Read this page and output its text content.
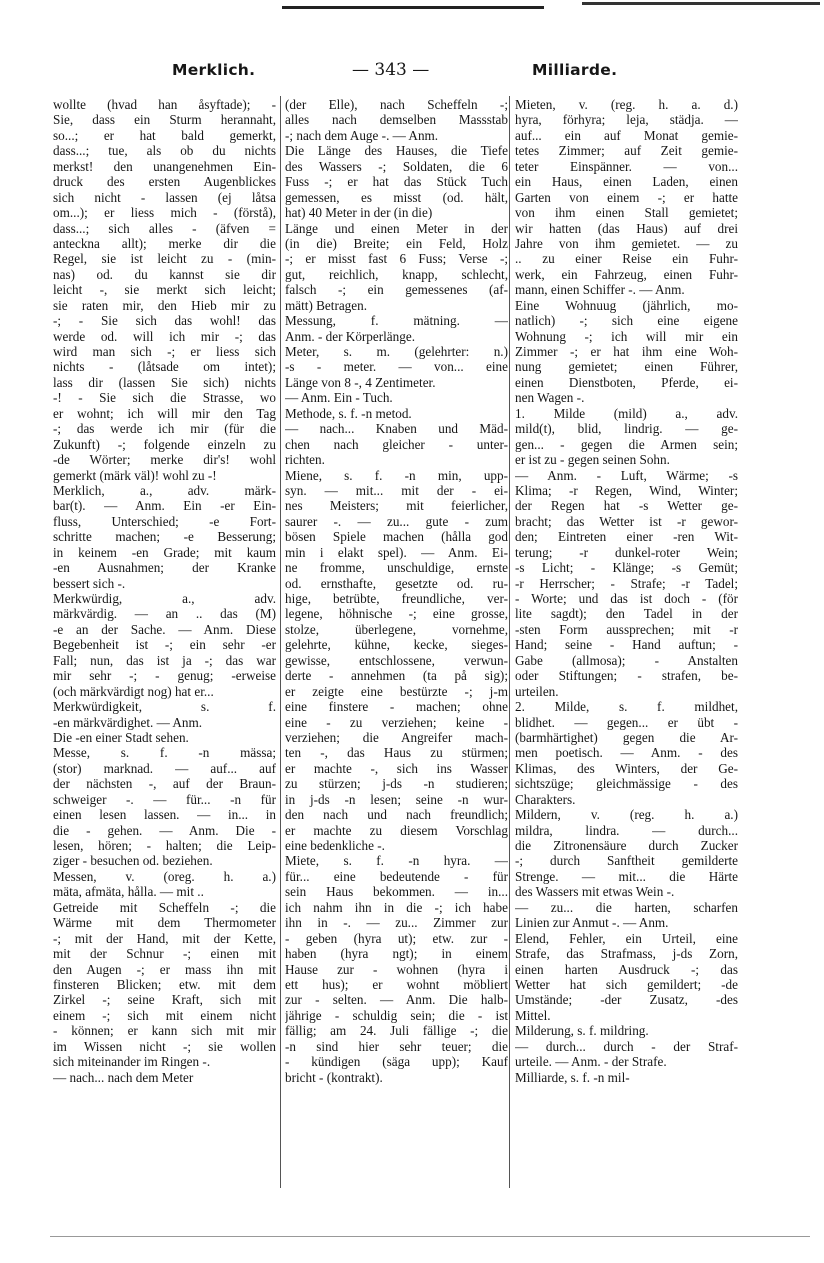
Merklich.	— 343 —	Milliarde.
wollte (hvad han åsyftade); -
Sie, dass ein Sturm herannaht,
so...; er hat bald gemerkt,
dass...; tue, als ob du nichts
merkst! den unangenehmen Ein-
druck des ersten Augenblickes
sich nicht - lassen (ej låtsa
om...); er liess mich - (förstå),
dass...; sich alles - (äfven =
anteckna allt); merke dir die
Regel, sie ist leicht zu - (min-
nas) od. du kannst sie dir
leicht -, sie merkt sich leicht;
sie raten mir, den Hieb mir zu
-; - Sie sich das wohl! das
werde od. will ich mir -; das
wird man sich -; er liess sich
nichts - (låtsade om intet);
lass dir (lassen Sie sich) nichts
-! - Sie sich die Strasse, wo
er wohnt; ich will mir den Tag
-; das werde ich mir (für die
Zukunft) -; folgende einzeln zu
-de Wörter; merke dir's! wohl
gemerkt (märk väl)! wohl zu -!
Merklich, a., adv. märk-
bar(t). — Anm. Ein -er Ein-
fluss, Unterschied; -e Fort-
schritte machen; -e Besserung;
in keinem -en Grade; mit kaum
-en Ausnahmen; der Kranke
bessert sich -.
Merkwürdig, a., adv.
märkvärdig. — an .. das (M)
-e an der Sache. — Anm. Diese
Begebenheit ist -; ein sehr -er
Fall; nun, das ist ja -; das war
mir sehr -; - genug; -erweise
(och märkvärdigt nog) hat er...
Merkwürdigkeit, s. f.
-en märkvärdighet. — Anm.
Die -en einer Stadt sehen.
Messe, s. f. -n mässa;
(stor) marknad. — auf... auf
der nächsten -, auf der Braun-
schweiger -. — für... -n für
einen lesen lassen. — in... in
die - gehen. — Anm. Die -
lesen, hören; - halten; die Leip-
ziger - besuchen od. beziehen.
Messen, v. (oreg. h. a.)
mäta, afmäta, hålla. — mit ..
Getreide mit Scheffeln -; die
Wärme mit dem Thermometer
-; mit der Hand, mit der Kette,
mit der Schnur -; einen mit
den Augen -; er mass ihn mit
finsteren Blicken; etw. mit dem
Zirkel -; seine Kraft, sich mit
einem -; sich mit einem nicht
- können; er kann sich mit mir
im Wissen nicht -; sie wollen
sich miteinander im Ringen -.
— nach... nach dem Meter
(der Elle), nach Scheffeln -;
alles nach demselben Massstab
-; nach dem Auge -. — Anm.
Die Länge des Hauses, die Tiefe
des Wassers -; Soldaten, die 6
Fuss -; er hat das Stück Tuch
gemessen, es misst (od. hält,
hat) 40 Meter in der (in die)
Länge und einen Meter in der
(in die) Breite; ein Feld, Holz
-; er misst fast 6 Fuss; Verse -;
gut, reichlich, knapp, schlecht,
falsch -; ein gemessenes (af-
mätt) Betragen.
Messung, f. mätning. —
Anm. - der Körperlänge.
Meter, s. m. (gelehrter: n.)
-s - meter. — von... eine
Länge von 8 -, 4 Zentimeter.
— Anm. Ein - Tuch.
Methode, s. f. -n metod.
— nach... Knaben und Mäd-
chen nach gleicher - unter-
richten.
Miene, s. f. -n min, upp-
syn. — mit... mit der - ei-
nes Meisters; mit feierlicher,
saurer -. — zu... gute - zum
bösen Spiele machen (hålla god
min i elakt spel). — Anm. Ei-
ne fromme, unschuldige, ernste
od. ernsthafte, gesetzte od. ru-
hige, betrübte, freundliche, ver-
legene, höhnische -; eine grosse,
stolze, überlegene, vornehme,
gelehrte, kühne, kecke, sieges-
gewisse, entschlossene, verwun-
derte - annehmen (ta på sig);
er zeigte eine bestürzte -; j-m
eine finstere - machen; ohne
eine - zu verziehen; keine -
verziehen; die Angreifer mach-
ten -, das Haus zu stürmen;
er machte -, sich ins Wasser
zu stürzen; j-ds -n studieren;
in j-ds -n lesen; seine -n wur-
den nach und nach freundlich;
er machte zu diesem Vorschlag
eine bedenkliche -.
Miete, s. f. -n hyra. —
für... eine bedeutende - für
sein Haus bekommen. — in...
ich nahm ihn in die -; ich habe
ihn in -. — zu... Zimmer zur
- geben (hyra ut); etw. zur -
haben (hyra ngt); in einem
Hause zur - wohnen (hyra i
ett hus); er wohnt möbliert
zur - selten. — Anm. Die halb-
jährige - schuldig sein; die - ist
fällig; am 24. Juli fällige -; die
-n sind hier sehr teuer; die
- kündigen (säga upp); Kauf
bricht - (kontrakt).
Mieten, v. (reg. h. a. d.)
hyra, förhyra; leja, städja. —
auf... ein auf Monat gemie-
tetes Zimmer; auf Zeit gemie-
teter Einspänner. — von...
ein Haus, einen Laden, einen
Garten von einem -; er hatte
von ihm einen Stall gemietet;
wir hatten (das Haus) auf drei
Jahre von ihm gemietet. — zu
.. zu einer Reise ein Fuhr-
werk, ein Fahrzeug, einen Fuhr-
mann, einen Schiffer -. — Anm.
Eine Wohnuug (jährlich, mo-
natlich) -; sich eine eigene
Wohnung -; ich will mir ein
Zimmer -; er hat ihm eine Woh-
nung gemietet; einen Führer,
einen Dienstboten, Pferde, ei-
nen Wagen -.
1. Milde (mild) a., adv.
mild(t), blid, lindrig. — ge-
gen... - gegen die Armen sein;
er ist zu - gegen seinen Sohn.
— Anm. - Luft, Wärme; -s
Klima; -r Regen, Wind, Winter;
der Regen hat -s Wetter ge-
bracht; das Wetter ist -r gewor-
den; Eintreten einer -ren Wit-
terung; -r dunkel-roter Wein;
-s Licht; - Klänge; -s Gemüt;
-r Herrscher; - Strafe; -r Tadel;
- Worte; und das ist doch - (för
lite sagdt); den Tadel in der
-sten Form aussprechen; mit -r
Hand; seine - Hand auftun; -
Gabe (allmosa); - Anstalten
oder Stiftungen; - strafen, be-
urteilen.
2. Milde, s. f. mildhet,
blidhet. — gegen... er übt -
(barmhärtighet) gegen die Ar-
men poetisch. — Anm. - des
Klimas, des Winters, der Ge-
sichtszüge; gleichmässige - des
Charakters.
Mildern, v. (reg. h. a.)
mildra, lindra. — durch...
die Zitronensäure durch Zucker
-; durch Sanftheit gemilderte
Strenge. — mit... die Härte
des Wassers mit etwas Wein -.
— zu... die harten, scharfen
Linien zur Anmut -. — Anm.
Elend, Fehler, ein Urteil, eine
Strafe, das Strafmass, j-ds Zorn,
einen harten Ausdruck -; das
Wetter hat sich gemildert; -de
Umstände; -der Zusatz, -des
Mittel.
Milderung, s. f. mildring.
— durch... durch - der Straf-
urteile. — Anm. - der Strafe.
Milliarde, s. f. -n mil-
